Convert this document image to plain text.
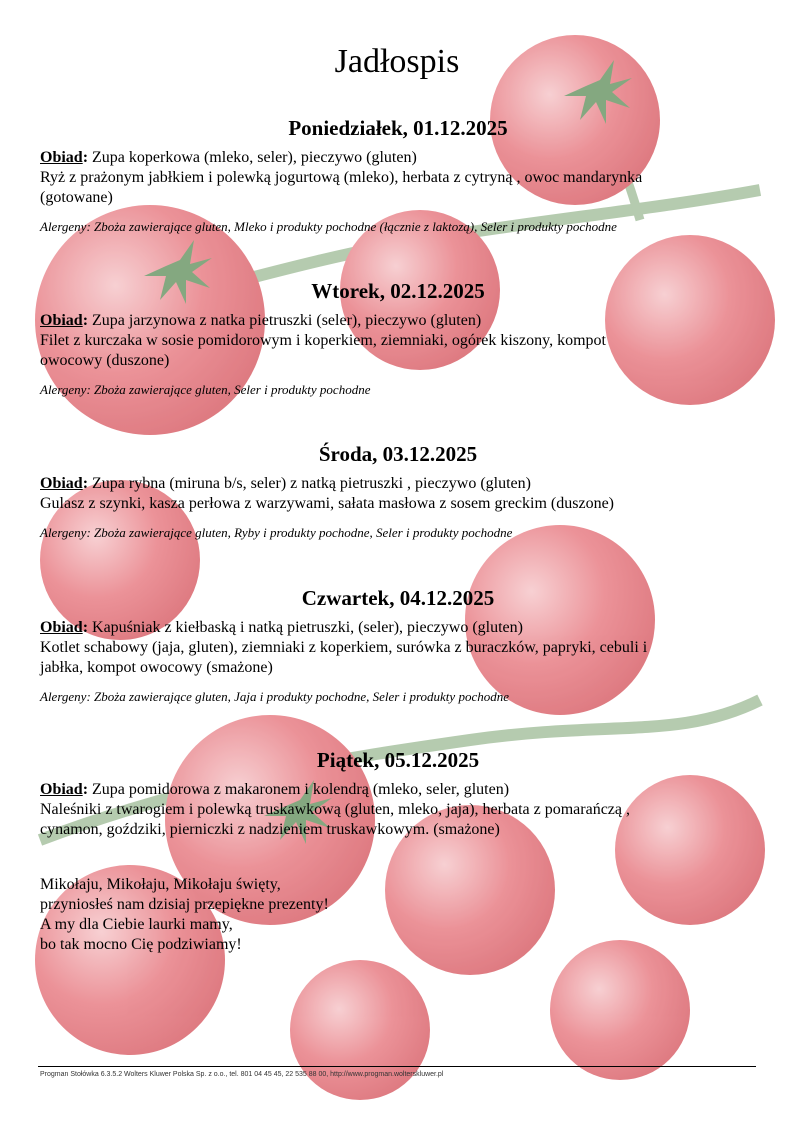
Jadłospis
Poniedziałek, 01.12.2025
Obiad: Zupa koperkowa (mleko, seler), pieczywo (gluten)
Ryż z prażonym jabłkiem i polewką jogurtową (mleko), herbata z cytryną , owoc mandarynka
(gotowane)
Alergeny: Zboża zawierające gluten, Mleko i produkty pochodne (łącznie z laktozą), Seler i produkty pochodne
Wtorek, 02.12.2025
Obiad: Zupa jarzynowa z natka pietruszki (seler), pieczywo (gluten)
Filet z kurczaka w sosie pomidorowym i koperkiem, ziemniaki, ogórek kiszony, kompot
owocowy (duszone)
Alergeny: Zboża zawierające gluten, Seler i produkty pochodne
Środa, 03.12.2025
Obiad: Zupa rybna (miruna b/s, seler) z natką pietruszki , pieczywo (gluten)
Gulasz z szynki, kasza perłowa z warzywami, sałata masłowa z sosem greckim (duszone)
Alergeny: Zboża zawierające gluten, Ryby i produkty pochodne, Seler i produkty pochodne
Czwartek, 04.12.2025
Obiad: Kapuśniak z kiełbaską i natką pietruszki, (seler), pieczywo (gluten)
Kotlet schabowy (jaja, gluten), ziemniaki z koperkiem, surówka z buraczków, papryki, cebuli i
jabłka, kompot owocowy (smażone)
Alergeny: Zboża zawierające gluten, Jaja i produkty pochodne, Seler i produkty pochodne
Piątek, 05.12.2025
Obiad: Zupa pomidorowa z makaronem i kolendrą (mleko, seler, gluten)
Naleśniki z twarogiem i polewką truskawkową (gluten, mleko, jaja), herbata z pomarańczą ,
cynamon, goździki, pierniczki z nadzieniem truskawkowym. (smażone)
Mikołaju, Mikołaju, Mikołaju święty,
przyniosłeś nam dzisiaj przepiękne prezenty!
A my dla Ciebie laurki mamy,
bo tak mocno Cię podziwiamy!
Progman Stołówka 6.3.5.2 Wolters Kluwer Polska Sp. z o.o., tel. 801 04 45 45, 22 535 88 00, http://www.progman.wolterskluwer.pl
